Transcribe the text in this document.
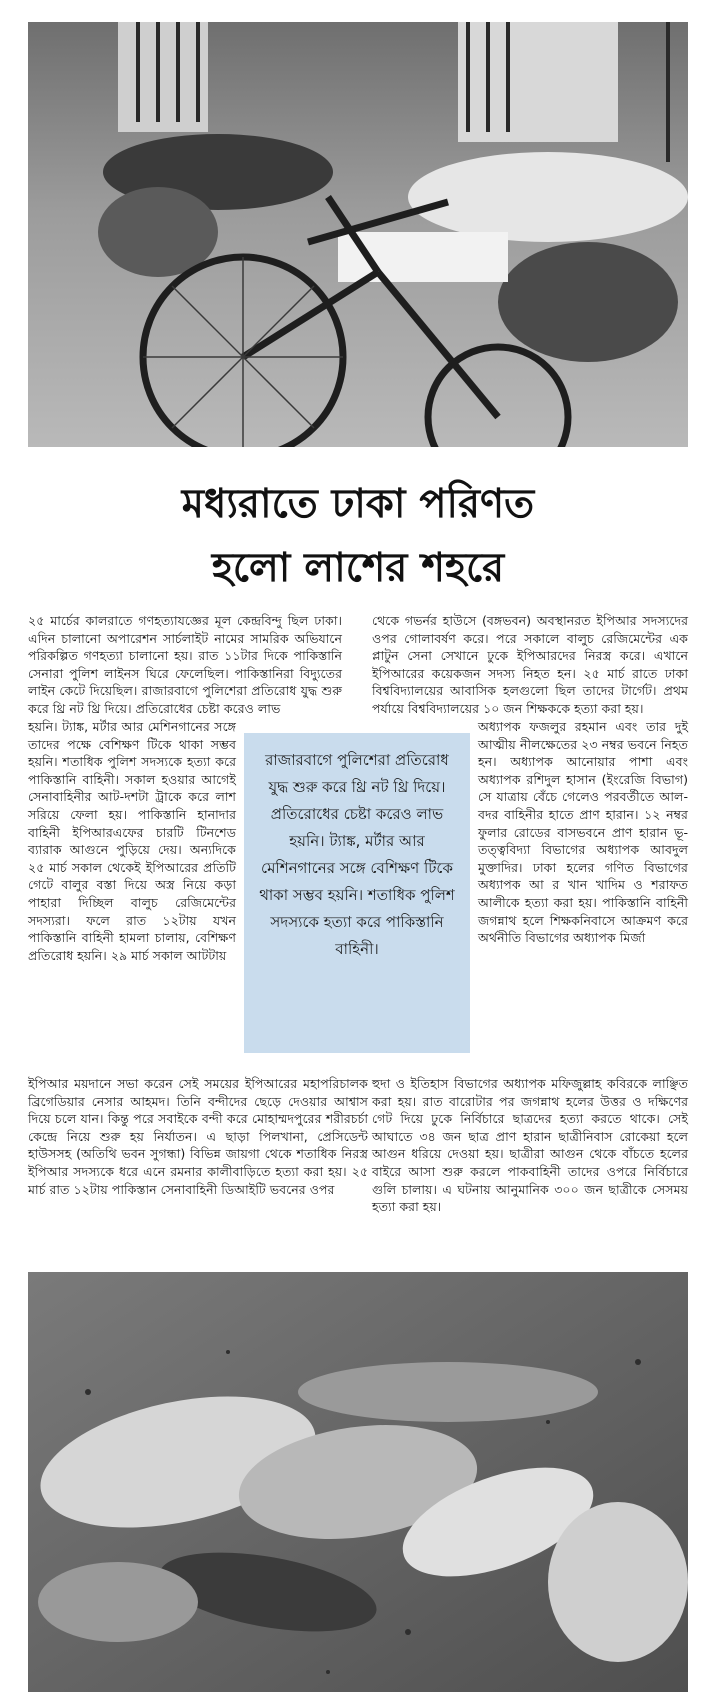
মধ্যরাতে ঢাকা পরিণত
হলো লাশের শহরে

২৫ মার্চের কালরাতে গণহত্যাযজ্ঞের মূল কেন্দ্রবিন্দু ছিল ঢাকা। এদিন চালানো অপারেশন সার্চলাইট নামের সামরিক অভিযানে পরিকল্পিত গণহত্যা চালানো হয়। রাত ১১টার দিকে পাকিস্তানি সেনারা পুলিশ লাইনস ঘিরে ফেলেছিল। পাকিস্তানিরা বিদ্যুতের লাইন কেটে দিয়েছিল। রাজারবাগে পুলিশেরা প্রতিরোধ যুদ্ধ শুরু করে থ্রি নট থ্রি দিয়ে। প্রতিরোধের চেষ্টা করেও লাভ

থেকে গভর্নর হাউসে (বঙ্গভবন) অবস্থানরত ইপিআর সদস্যদের ওপর গোলাবর্ষণ করে। পরে সকালে বালুচ রেজিমেন্টের এক প্লাটুন সেনা সেখানে ঢুকে ইপিআরদের নিরস্ত্র করে। এখানে ইপিআরের কয়েকজন সদস্য নিহত হন। ২৫ মার্চ রাতে ঢাকা বিশ্ববিদ্যালয়ের আবাসিক হলগুলো ছিল তাদের টার্গেট। প্রথম পর্যায়ে বিশ্ববিদ্যালয়ের ১০ জন শিক্ষককে হত্যা করা হয়।

হয়নি। ট্যাঙ্ক, মর্টার আর মেশিনগানের সঙ্গে তাদের পক্ষে বেশিক্ষণ টিকে থাকা সম্ভব হয়নি। শতাধিক পুলিশ সদস্যকে হত্যা করে পাকিস্তানি বাহিনী। সকাল হওয়ার আগেই সেনাবাহিনীর আট-দশটা ট্রাকে করে লাশ সরিয়ে ফেলা হয়। পাকিস্তানি হানাদার বাহিনী ইপিআরএফের চারটি টিনশেড ব্যারাক আগুনে পুড়িয়ে দেয়। অন্যদিকে ২৫ মার্চ সকাল থেকেই ইপিআরের প্রতিটি গেটে বালুর বস্তা দিয়ে অস্ত্র নিয়ে কড়া পাহারা দিচ্ছিল বালুচ রেজিমেন্টের সদস্যরা। ফলে রাত ১২টায় যখন পাকিস্তানি বাহিনী হামলা চালায়, বেশিক্ষণ প্রতিরোধ হয়নি। ২৯ মার্চ সকাল আটটায়

রাজারবাগে পুলিশেরা প্রতিরোধ যুদ্ধ শুরু করে থ্রি নট থ্রি দিয়ে। প্রতিরোধের চেষ্টা করেও লাভ হয়নি। ট্যাঙ্ক, মর্টার আর মেশিনগানের সঙ্গে বেশিক্ষণ টিকে থাকা সম্ভব হয়নি। শতাধিক পুলিশ সদস্যকে হত্যা করে পাকিস্তানি বাহিনী।

অধ্যাপক ফজলুর রহমান এবং তার দুই আত্মীয় নীলক্ষেতের ২৩ নম্বর ভবনে নিহত হন। অধ্যাপক আনোয়ার পাশা এবং অধ্যাপক রশিদুল হাসান (ইংরেজি বিভাগ) সে যাত্রায় বেঁচে গেলেও পরবর্তীতে আল-বদর বাহিনীর হাতে প্রাণ হারান। ১২ নম্বর ফুলার রোডের বাসভবনে প্রাণ হারান ভূ-তত্ত্ববিদ্যা বিভাগের অধ্যাপক আবদুল মুক্তাদির। ঢাকা হলের গণিত বিভাগের অধ্যাপক আ র খান খাদিম ও শরাফত আলীকে হত্যা করা হয়। পাকিস্তানি বাহিনী জগন্নাথ হলে শিক্ষকনিবাসে আক্রমণ করে অর্থনীতি বিভাগের অধ্যাপক মির্জা

ইপিআর ময়দানে সভা করেন সেই সময়ের ইপিআরের মহাপরিচালক ব্রিগেডিয়ার নেসার আহমদ। তিনি বন্দীদের ছেড়ে দেওয়ার আশ্বাস দিয়ে চলে যান। কিন্তু পরে সবাইকে বন্দী করে মোহাম্মদপুরের শরীরচর্চা কেন্দ্রে নিয়ে শুরু হয় নির্যাতন। এ ছাড়া পিলখানা, প্রেসিডেন্ট হাউসসহ (অতিথি ভবন সুগন্ধা) বিভিন্ন জায়গা থেকে শতাধিক নিরস্ত্র ইপিআর সদস্যকে ধরে এনে রমনার কালীবাড়িতে হত্যা করা হয়। ২৫ মার্চ রাত ১২টায় পাকিস্তান সেনাবাহিনী ডিআইটি ভবনের ওপর

হুদা ও ইতিহাস বিভাগের অধ্যাপক মফিজুল্লাহ কবিরকে লাঞ্ছিত করা হয়। রাত বারোটার পর জগন্নাথ হলের উত্তর ও দক্ষিণের গেট দিয়ে ঢুকে নির্বিচারে ছাত্রদের হত্যা করতে থাকে। সেই আঘাতে ৩৪ জন ছাত্র প্রাণ হারান ছাত্রীনিবাস রোকেয়া হলে আগুন ধরিয়ে দেওয়া হয়। ছাত্রীরা আগুন থেকে বাঁচতে হলের বাইরে আসা শুরু করলে পাকবাহিনী তাদের ওপরে নির্বিচারে গুলি চালায়। এ ঘটনায় আনুমানিক ৩০০ জন ছাত্রীকে সেসময় হত্যা করা হয়।
